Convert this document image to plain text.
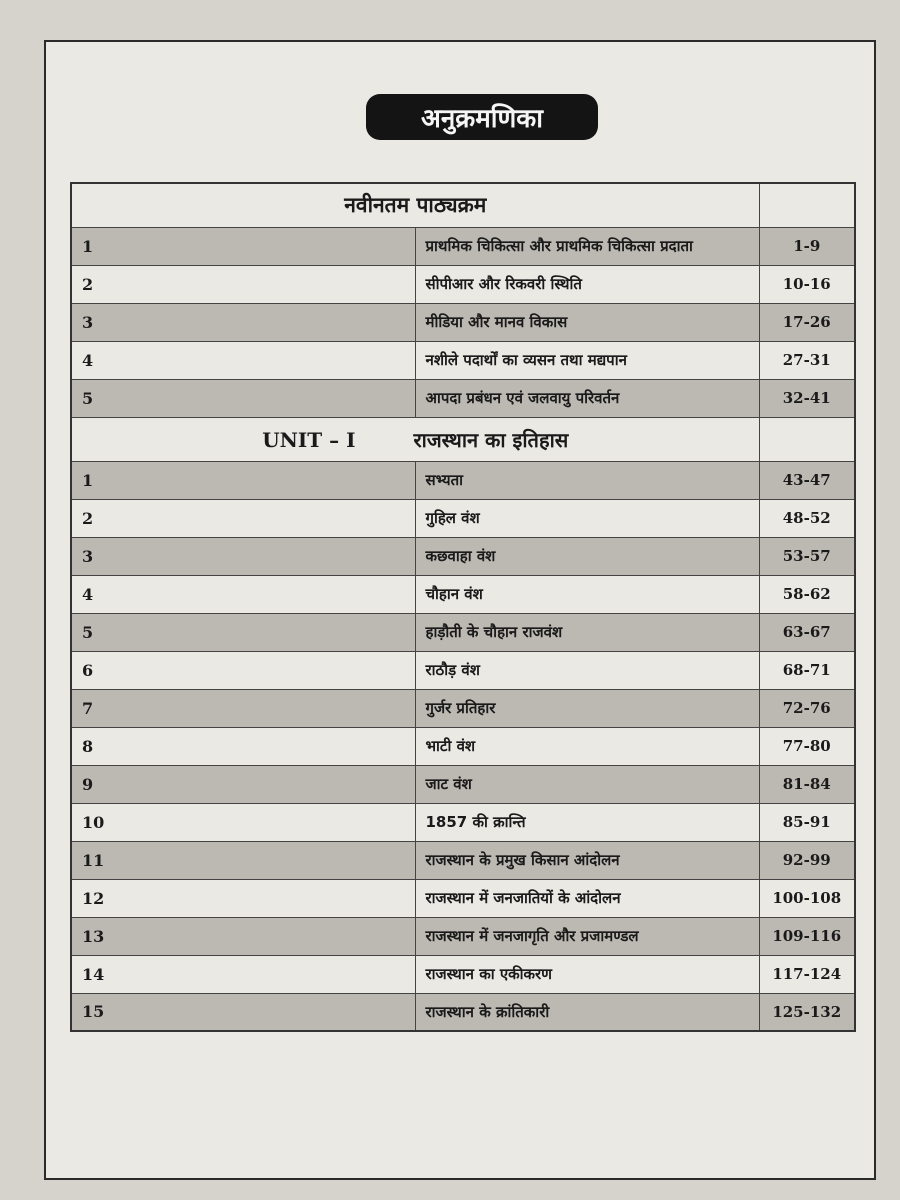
अनुक्रमणिका
नवीनतम पाठ्यक्रम		
1	प्राथमिक चिकित्सा और प्राथमिक चिकित्सा प्रदाता	1-9
2	सीपीआर और रिकवरी स्थिति	10-16
3	मीडिया और मानव विकास	17-26
4	नशीले पदार्थों का व्यसन तथा मद्यपान	27-31
5	आपदा प्रबंधन एवं जलवायु परिवर्तन	32-41
UNIT – I राजस्थान का इतिहास		
1	सभ्यता	43-47
2	गुहिल वंश	48-52
3	कछवाहा वंश	53-57
4	चौहान वंश	58-62
5	हाड़ौती के चौहान राजवंश	63-67
6	राठौड़ वंश	68-71
7	गुर्जर प्रतिहार	72-76
8	भाटी वंश	77-80
9	जाट वंश	81-84
10	1857 की क्रान्ति	85-91
11	राजस्थान के प्रमुख किसान आंदोलन	92-99
12	राजस्थान में जनजातियों के आंदोलन	100-108
13	राजस्थान में जनजागृति और प्रजामण्डल	109-116
14	राजस्थान का एकीकरण	117-124
15	राजस्थान के क्रांतिकारी	125-132
